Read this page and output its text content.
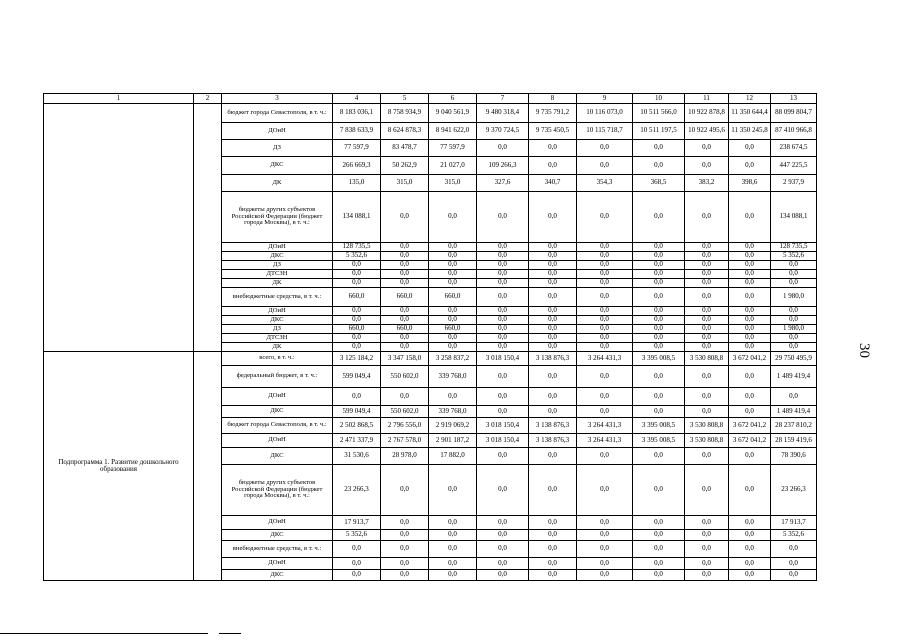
1	2	3	4	5	6	7	8	9	10	11	12	13
		бюджет города Севастополя, в т. ч.:	8 183 036,1	8 758 934,9	9 040 561,9	9 480 318,4	9 735 791,2	10 116 073,0	10 511 566,0	10 922 878,8	11 350 644,4	88 099 804,7
		ДОиН	7 838 633,9	8 624 878,3	8 941 622,0	9 370 724,5	9 735 450,5	10 115 718,7	10 511 197,5	10 922 495,6	11 350 245,8	87 410 966,8
		ДЗ	77 597,9	83 478,7	77 597,9	0,0	0,0	0,0	0,0	0,0	0,0	238 674,5
		ДКС	266 669,3	50 262,9	21 027,0	109 266,3	0,0	0,0	0,0	0,0	0,0	447 225,5
		ДК	135,0	315,0	315,0	327,6	340,7	354,3	368,5	383,2	398,6	2 937,9
		бюджеты других субъектов Российской Федерации (бюджет города Москвы), в т. ч.:	134 088,1	0,0	0,0	0,0	0,0	0,0	0,0	0,0	0,0	134 088,1
		ДОиН	128 735,5	0,0	0,0	0,0	0,0	0,0	0,0	0,0	0,0	128 735,5
		ДКС	5 352,6	0,0	0,0	0,0	0,0	0,0	0,0	0,0	0,0	5 352,6
		ДЗ	0,0	0,0	0,0	0,0	0,0	0,0	0,0	0,0	0,0	0,0
		ДТСЗН	0,0	0,0	0,0	0,0	0,0	0,0	0,0	0,0	0,0	0,0
		ДК	0,0	0,0	0,0	0,0	0,0	0,0	0,0	0,0	0,0	0,0
		внебюджетные средства, в т. ч.:	660,0	660,0	660,0	0,0	0,0	0,0	0,0	0,0	0,0	1 980,0
		ДОиН	0,0	0,0	0,0	0,0	0,0	0,0	0,0	0,0	0,0	0,0
		ДКС	0,0	0,0	0,0	0,0	0,0	0,0	0,0	0,0	0,0	0,0
		ДЗ	660,0	660,0	660,0	0,0	0,0	0,0	0,0	0,0	0,0	1 980,0
		ДТСЗН	0,0	0,0	0,0	0,0	0,0	0,0	0,0	0,0	0,0	0,0
		ДК	0,0	0,0	0,0	0,0	0,0	0,0	0,0	0,0	0,0	0,0
Подпрограмма 1. Развитие дошкольного образования		всего, в т. ч.:	3 125 184,2	3 347 158,0	3 258 837,2	3 018 150,4	3 138 876,3	3 264 431,3	3 395 008,5	3 530 808,8	3 672 041,2	29 750 495,9
		федеральный бюджет, в т. ч.:	599 049,4	550 602,0	339 768,0	0,0	0,0	0,0	0,0	0,0	0,0	1 489 419,4
		ДОиН	0,0	0,0	0,0	0,0	0,0	0,0	0,0	0,0	0,0	0,0
		ДКС	599 049,4	550 602,0	339 768,0	0,0	0,0	0,0	0,0	0,0	0,0	1 489 419,4
		бюджет города Севастополя, в т. ч.:	2 502 868,5	2 796 556,0	2 919 069,2	3 018 150,4	3 138 876,3	3 264 431,3	3 395 008,5	3 530 808,8	3 672 041,2	28 237 810,2
		ДОиН	2 471 337,9	2 767 578,0	2 901 187,2	3 018 150,4	3 138 876,3	3 264 431,3	3 395 008,5	3 530 808,8	3 672 041,2	28 159 419,6
		ДКС	31 530,6	28 978,0	17 882,0	0,0	0,0	0,0	0,0	0,0	0,0	78 390,6
		бюджеты других субъектов Российской Федерации (бюджет города Москвы), в т. ч.:	23 266,3	0,0	0,0	0,0	0,0	0,0	0,0	0,0	0,0	23 266,3
		ДОиН	17 913,7	0,0	0,0	0,0	0,0	0,0	0,0	0,0	0,0	17 913,7
		ДКС	5 352,6	0,0	0,0	0,0	0,0	0,0	0,0	0,0	0,0	5 352,6
		внебюджетные средства, в т. ч.:	0,0	0,0	0,0	0,0	0,0	0,0	0,0	0,0	0,0	0,0
		ДОиН	0,0	0,0	0,0	0,0	0,0	0,0	0,0	0,0	0,0	0,0
		ДКС	0,0	0,0	0,0	0,0	0,0	0,0	0,0	0,0	0,0	0,0
30
